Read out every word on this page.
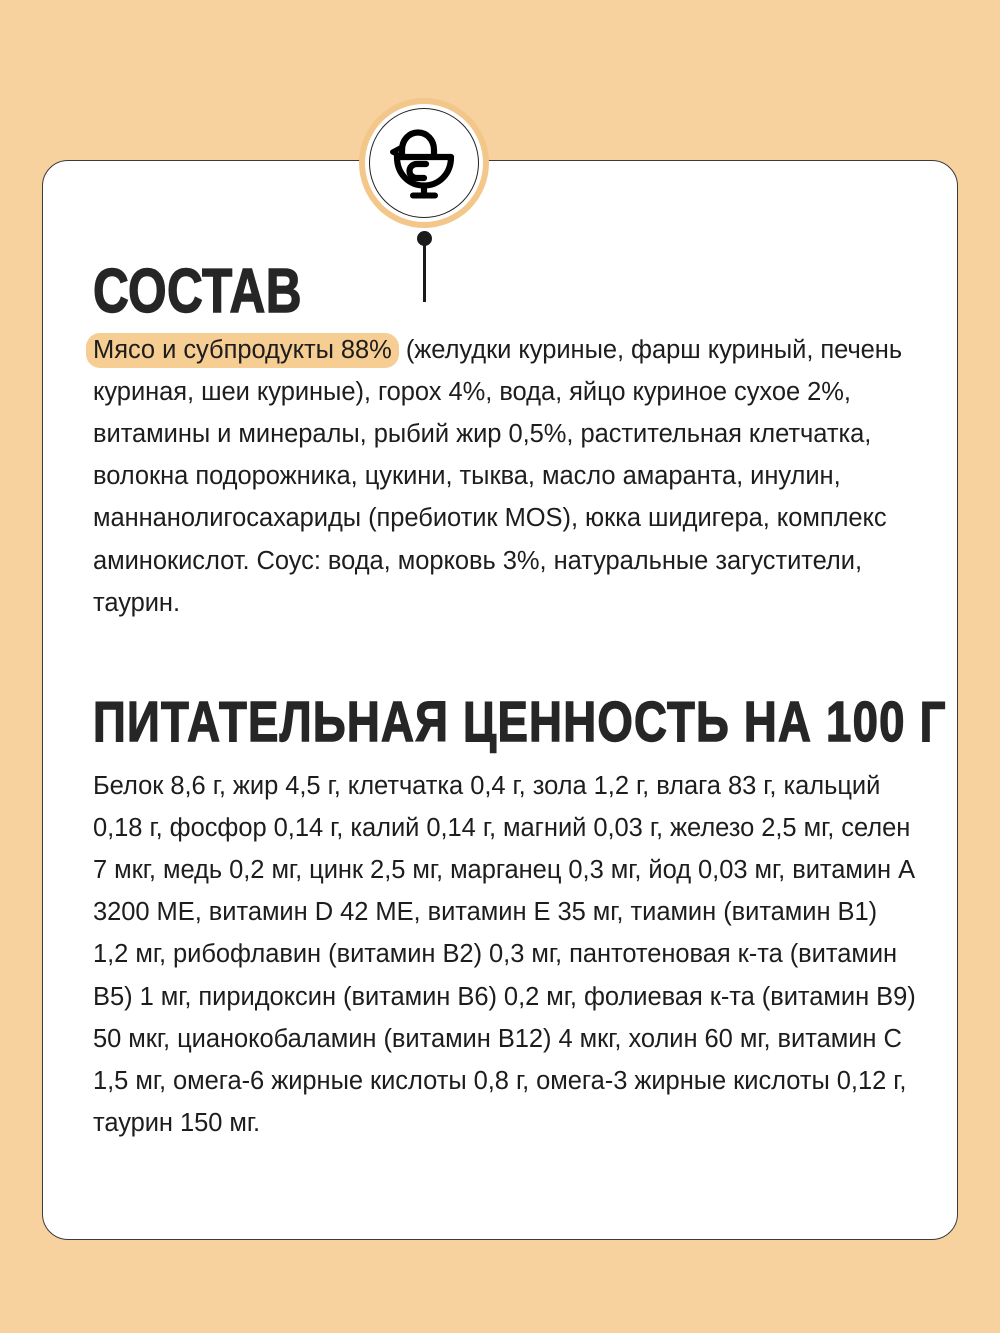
СОСТАВ

Мясо и субпродукты 88% (желудки куриные, фарш куриный, печень куриная, шеи куриные), горох 4%, вода, яйцо куриное сухое 2%, витамины и минералы, рыбий жир 0,5%, растительная клетчатка, волокна подорожника, цукини, тыква, масло амаранта, инулин, маннанолигосахариды (пребиотик MOS), юкка шидигера, комплекс аминокислот. Соус: вода, морковь 3%, натуральные загустители, таурин.

ПИТАТЕЛЬНАЯ ЦЕННОСТЬ НА 100 Г

Белок 8,6 г, жир 4,5 г, клетчатка 0,4 г, зола 1,2 г, влага 83 г, кальций 0,18 г, фосфор 0,14 г, калий 0,14 г, магний 0,03 г, железо 2,5 мг, селен 7 мкг, медь 0,2 мг, цинк 2,5 мг, марганец 0,3 мг, йод 0,03 мг, витамин A 3200 МЕ, витамин D 42 МЕ, витамин E 35 мг, тиамин (витамин B1) 1,2 мг, рибофлавин (витамин B2) 0,3 мг, пантотеновая к-та (витамин B5) 1 мг, пиридоксин (витамин B6) 0,2 мг, фолиевая к-та (витамин B9) 50 мкг, цианокобаламин (витамин B12) 4 мкг, холин 60 мг, витамин C 1,5 мг, омега-6 жирные кислоты 0,8 г, омега-3 жирные кислоты 0,12 г, таурин 150 мг.
